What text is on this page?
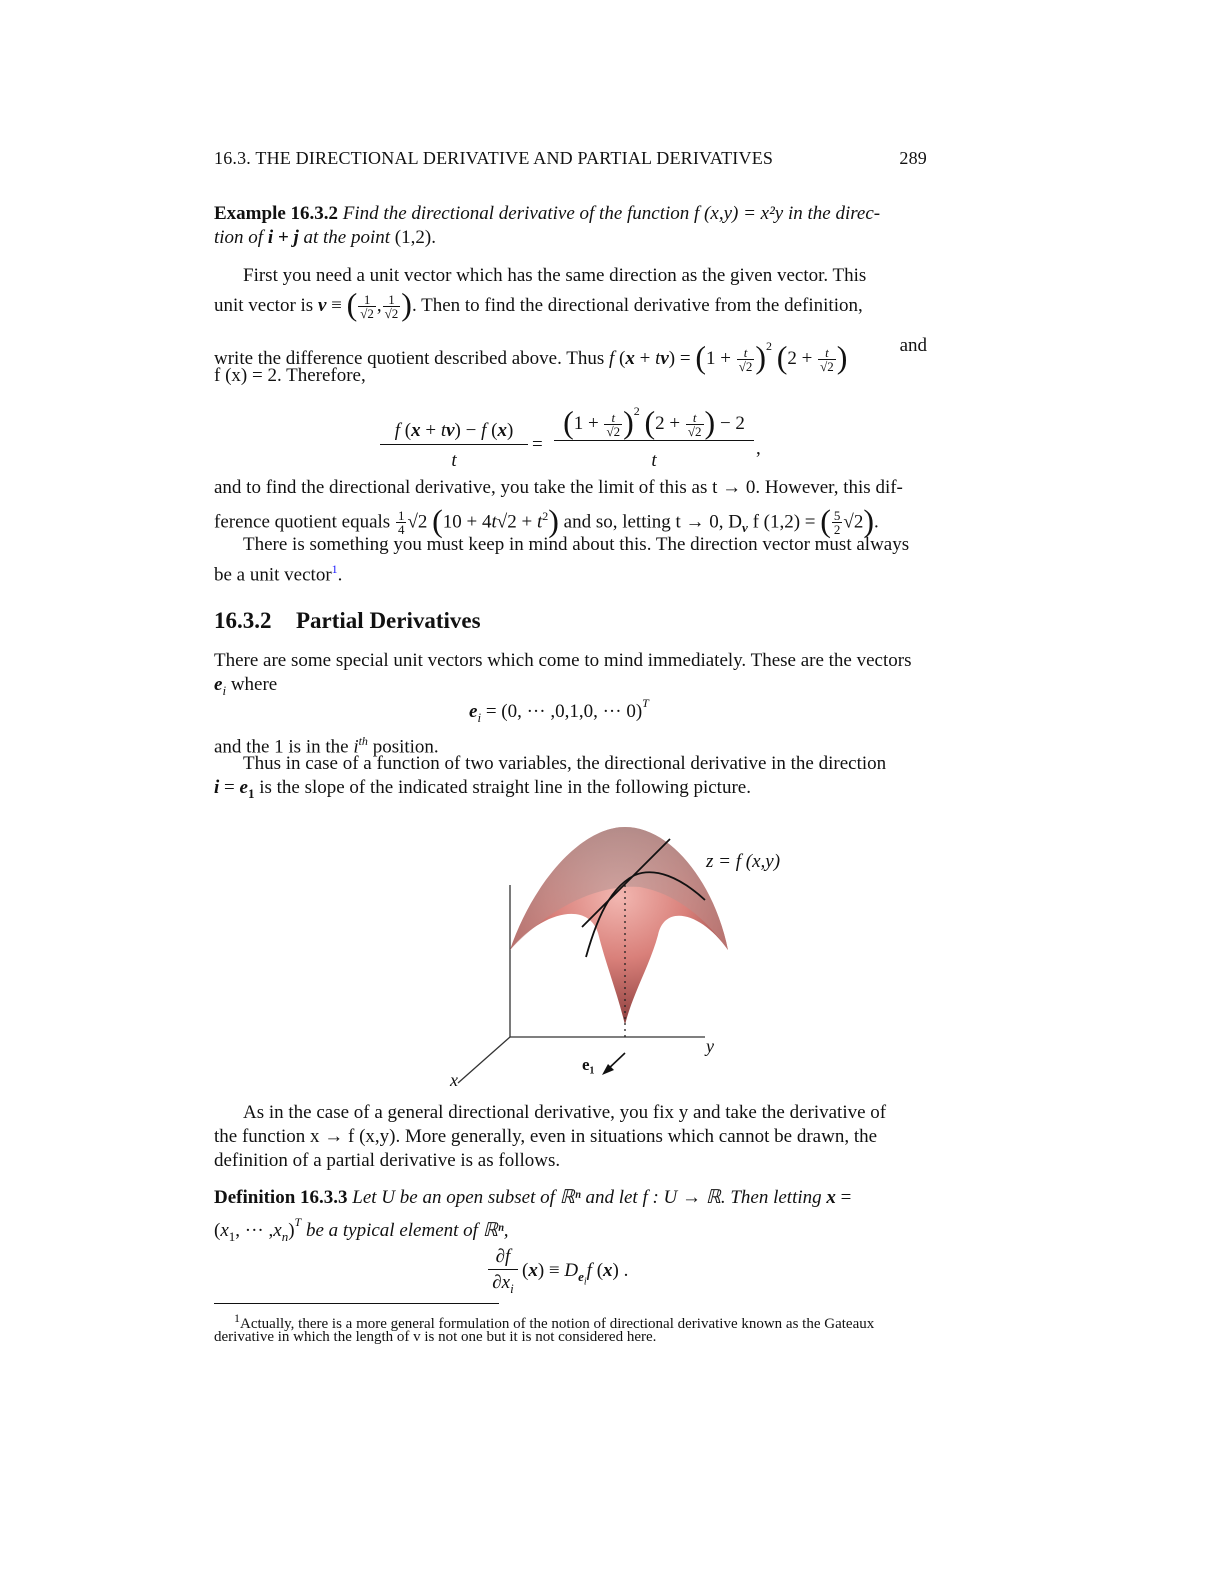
16.3. THE DIRECTIONAL DERIVATIVE AND PARTIAL DERIVATIVES	289
Example 16.3.2 Find the directional derivative of the function f (x,y) = x²y in the direc-
tion of i + j at the point (1,2).
First you need a unit vector which has the same direction as the given vector. This
unit vector is v ≡ ( $\frac{1}{√2}$ , $\frac{1}{√2}$ ). Then to find the directional derivative from the definition,
write the difference quotient described above. Thus f $(x + tv) = (1 + \frac{t}{√2} )^2$ ($2 + \frac{t}{√2}$ )	and
f (x) = 2. Therefore,
f (x + tv) − f (x)
t
=
$(1 + \frac{t}{√2} )^2$ ($2 + \frac{t}{√2}$ ) − 2
t
,
and to find the directional derivative, you take the limit of this as t → 0. However, this dif-
ference quotient equals $\frac{1}{4} √2$ $(10 + 4t√2 + t^2)$ and so, letting t → 0, $D_v$ f (1,2) = ( $\frac{5}{2} √2$).
There is something you must keep in mind about this. The direction vector must always
be a unit vector$^1$.
16.3.2 Partial Derivatives
There are some special unit vectors which come to mind immediately. These are the vectors
$e_i$ where
$e_i = (0$, ··· ,0,1,0, ··· 0)$^T$
and the 1 is in the $i^{th}$ position.
Thus in case of a function of two variables, the directional derivative in the direction
$i = e_1$ is the slope of the indicated straight line in the following picture.
z = f (x,y)
y
x
e₁
As in the case of a general directional derivative, you fix y and take the derivative of
the function x → f (x,y). More generally, even in situations which cannot be drawn, the
definition of a partial derivative is as follows.
Definition 16.3.3 Let U be an open subset of ℝⁿ and let f : U → ℝ. Then letting x =
($x_1$, ··· $,x_n)^T$ be a typical element of ℝⁿ,
∂f
$\partial x_i$
$(x) \equiv D_{e_i}f$ (x) .
$^1$Actually, there is a more general formulation of the notion of directional derivative known as the Gateaux
derivative in which the length of v is not one but it is not considered here.
